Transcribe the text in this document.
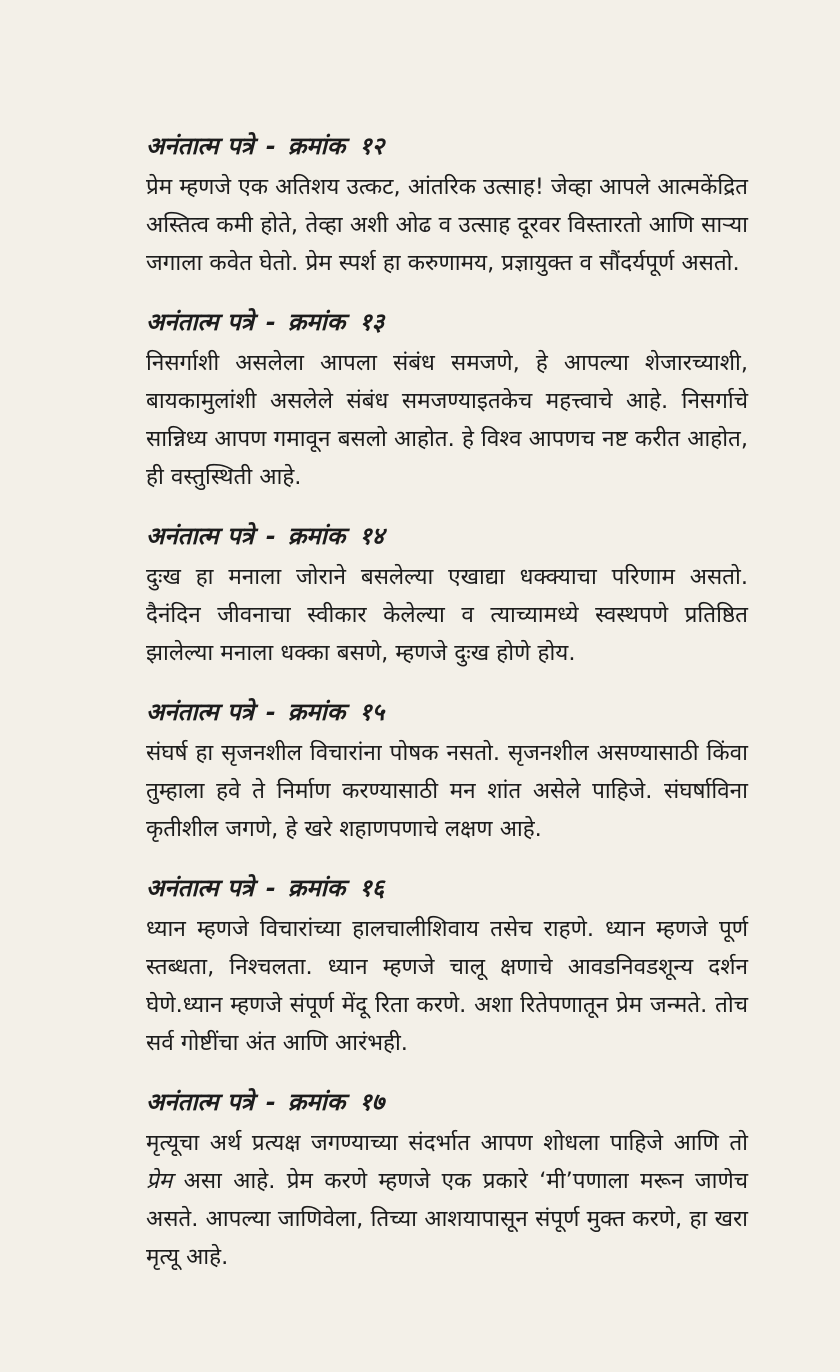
अनंतात्म पत्रे - क्रमांक १२
प्रेम म्हणजे एक अतिशय उत्कट, आंतरिक उत्साह! जेव्हा आपले आत्मकेंद्रित अस्तित्व कमी होते, तेव्हा अशी ओढ व उत्साह दूरवर विस्तारतो आणि साऱ्या जगाला कवेत घेतो. प्रेम स्पर्श हा करुणामय, प्रज्ञायुक्त व सौंदर्यपूर्ण असतो.
अनंतात्म पत्रे - क्रमांक १३
निसर्गाशी असलेला आपला संबंध समजणे, हे आपल्या शेजारच्याशी, बायकामुलांशी असलेले संबंध समजण्याइतकेच महत्त्वाचे आहे. निसर्गाचे सान्निध्य आपण गमावून बसलो आहोत. हे विश्व आपणच नष्ट करीत आहोत, ही वस्तुस्थिती आहे.
अनंतात्म पत्रे - क्रमांक १४
दुःख हा मनाला जोराने बसलेल्या एखाद्या धक्क्याचा परिणाम असतो. दैनंदिन जीवनाचा स्वीकार केलेल्या व त्याच्यामध्ये स्वस्थपणे प्रतिष्ठित झालेल्या मनाला धक्का बसणे, म्हणजे दुःख होणे होय.
अनंतात्म पत्रे - क्रमांक १५
संघर्ष हा सृजनशील विचारांना पोषक नसतो. सृजनशील असण्यासाठी किंवा तुम्हाला हवे ते निर्माण करण्यासाठी मन शांत असेले पाहिजे. संघर्षाविना कृतीशील जगणे, हे खरे शहाणपणाचे लक्षण आहे.
अनंतात्म पत्रे - क्रमांक १६
ध्यान म्हणजे विचारांच्या हालचालीशिवाय तसेच राहणे. ध्यान म्हणजे पूर्ण स्तब्धता, निश्चलता. ध्यान म्हणजे चालू क्षणाचे आवडनिवडशून्य दर्शन घेणे.ध्यान म्हणजे संपूर्ण मेंदू रिता करणे. अशा रितेपणातून प्रेम जन्मते. तोच सर्व गोष्टींचा अंत आणि आरंभही.
अनंतात्म पत्रे - क्रमांक १७
मृत्यूचा अर्थ प्रत्यक्ष जगण्याच्या संदर्भात आपण शोधला पाहिजे आणि तो प्रेम असा आहे. प्रेम करणे म्हणजे एक प्रकारे ‘मी’पणाला मरून जाणेच असते. आपल्या जाणिवेला, तिच्या आशयापासून संपूर्ण मुक्त करणे, हा खरा मृत्यू आहे.
